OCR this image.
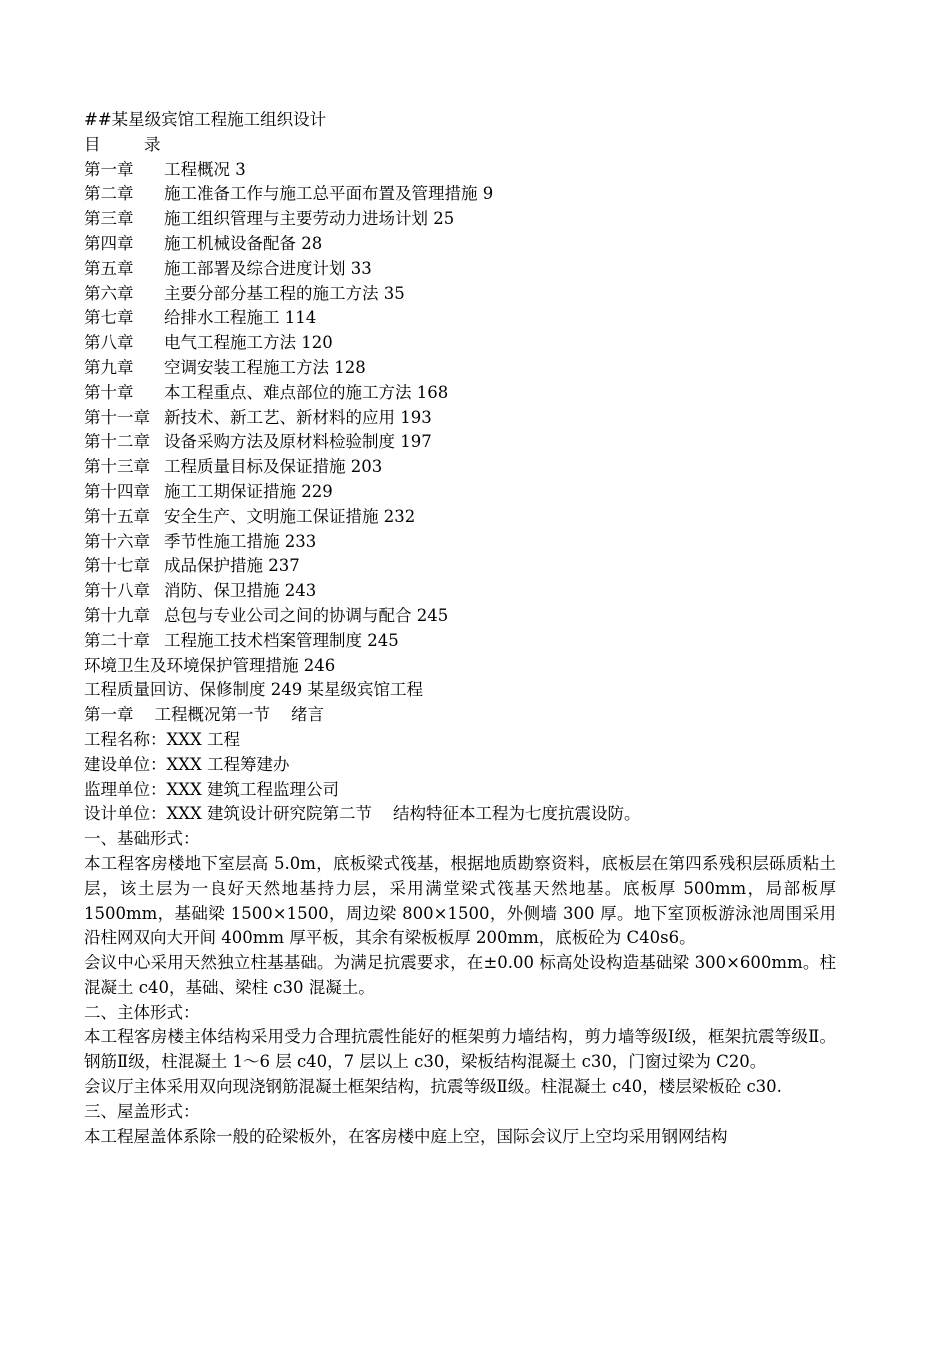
##某星级宾馆工程施工组织设计
目	录
第一章 工程概况 3
第二章 施工准备工作与施工总平面布置及管理措施 9
第三章 施工组织管理与主要劳动力进场计划 25
第四章 施工机械设备配备 28
第五章 施工部署及综合进度计划 33
第六章 主要分部分基工程的施工方法 35
第七章 给排水工程施工 114
第八章 电气工程施工方法 120
第九章 空调安装工程施工方法 128
第十章 本工程重点、难点部位的施工方法 168
第十一章 新技术、新工艺、新材料的应用 193
第十二章 设备采购方法及原材料检验制度 197
第十三章 工程质量目标及保证措施 203
第十四章 施工工期保证措施 229
第十五章 安全生产、文明施工保证措施 232
第十六章 季节性施工措施 233
第十七章 成品保护措施 237
第十八章 消防、保卫措施 243
第十九章 总包与专业公司之间的协调与配合 245
第二十章 工程施工技术档案管理制度 245
环境卫生及环境保护管理措施 246
工程质量回访、保修制度 249 某星级宾馆工程
第一章    工程概况第一节    绪言
工程名称：XXX 工程
建设单位：XXX 工程筹建办
监理单位：XXX 建筑工程监理公司
设计单位：XXX 建筑设计研究院第二节    结构特征本工程为七度抗震设防。
一、基础形式：
本工程客房楼地下室层高 5.0m，底板梁式筏基，根据地质勘察资料，底板层在第四系残积层砾质粘土层，该土层为一良好天然地基持力层，采用满堂梁式筏基天然地基。底板厚 500mm，局部板厚 1500mm，基础梁 1500×1500，周边梁 800×1500，外侧墙 300 厚。地下室顶板游泳池周围采用沿柱网双向大开间 400mm 厚平板，其余有梁板板厚 200mm，底板砼为 C40s6。
会议中心采用天然独立柱基基础。为满足抗震要求，在±0.00 标高处设构造基础梁 300×600mm。柱混凝土 c40，基础、梁柱 c30 混凝土。
二、主体形式：
本工程客房楼主体结构采用受力合理抗震性能好的框架剪力墙结构，剪力墙等级Ⅰ级，框架抗震等级Ⅱ。钢筋Ⅱ级，柱混凝土 1～6 层 c40，7 层以上 c30，梁板结构混凝土 c30，门窗过梁为 C20。
会议厅主体采用双向现浇钢筋混凝土框架结构，抗震等级Ⅱ级。柱混凝土 c40，楼层梁板砼 c30.
三、屋盖形式：
本工程屋盖体系除一般的砼梁板外，在客房楼中庭上空，国际会议厅上空均采用钢网结构
